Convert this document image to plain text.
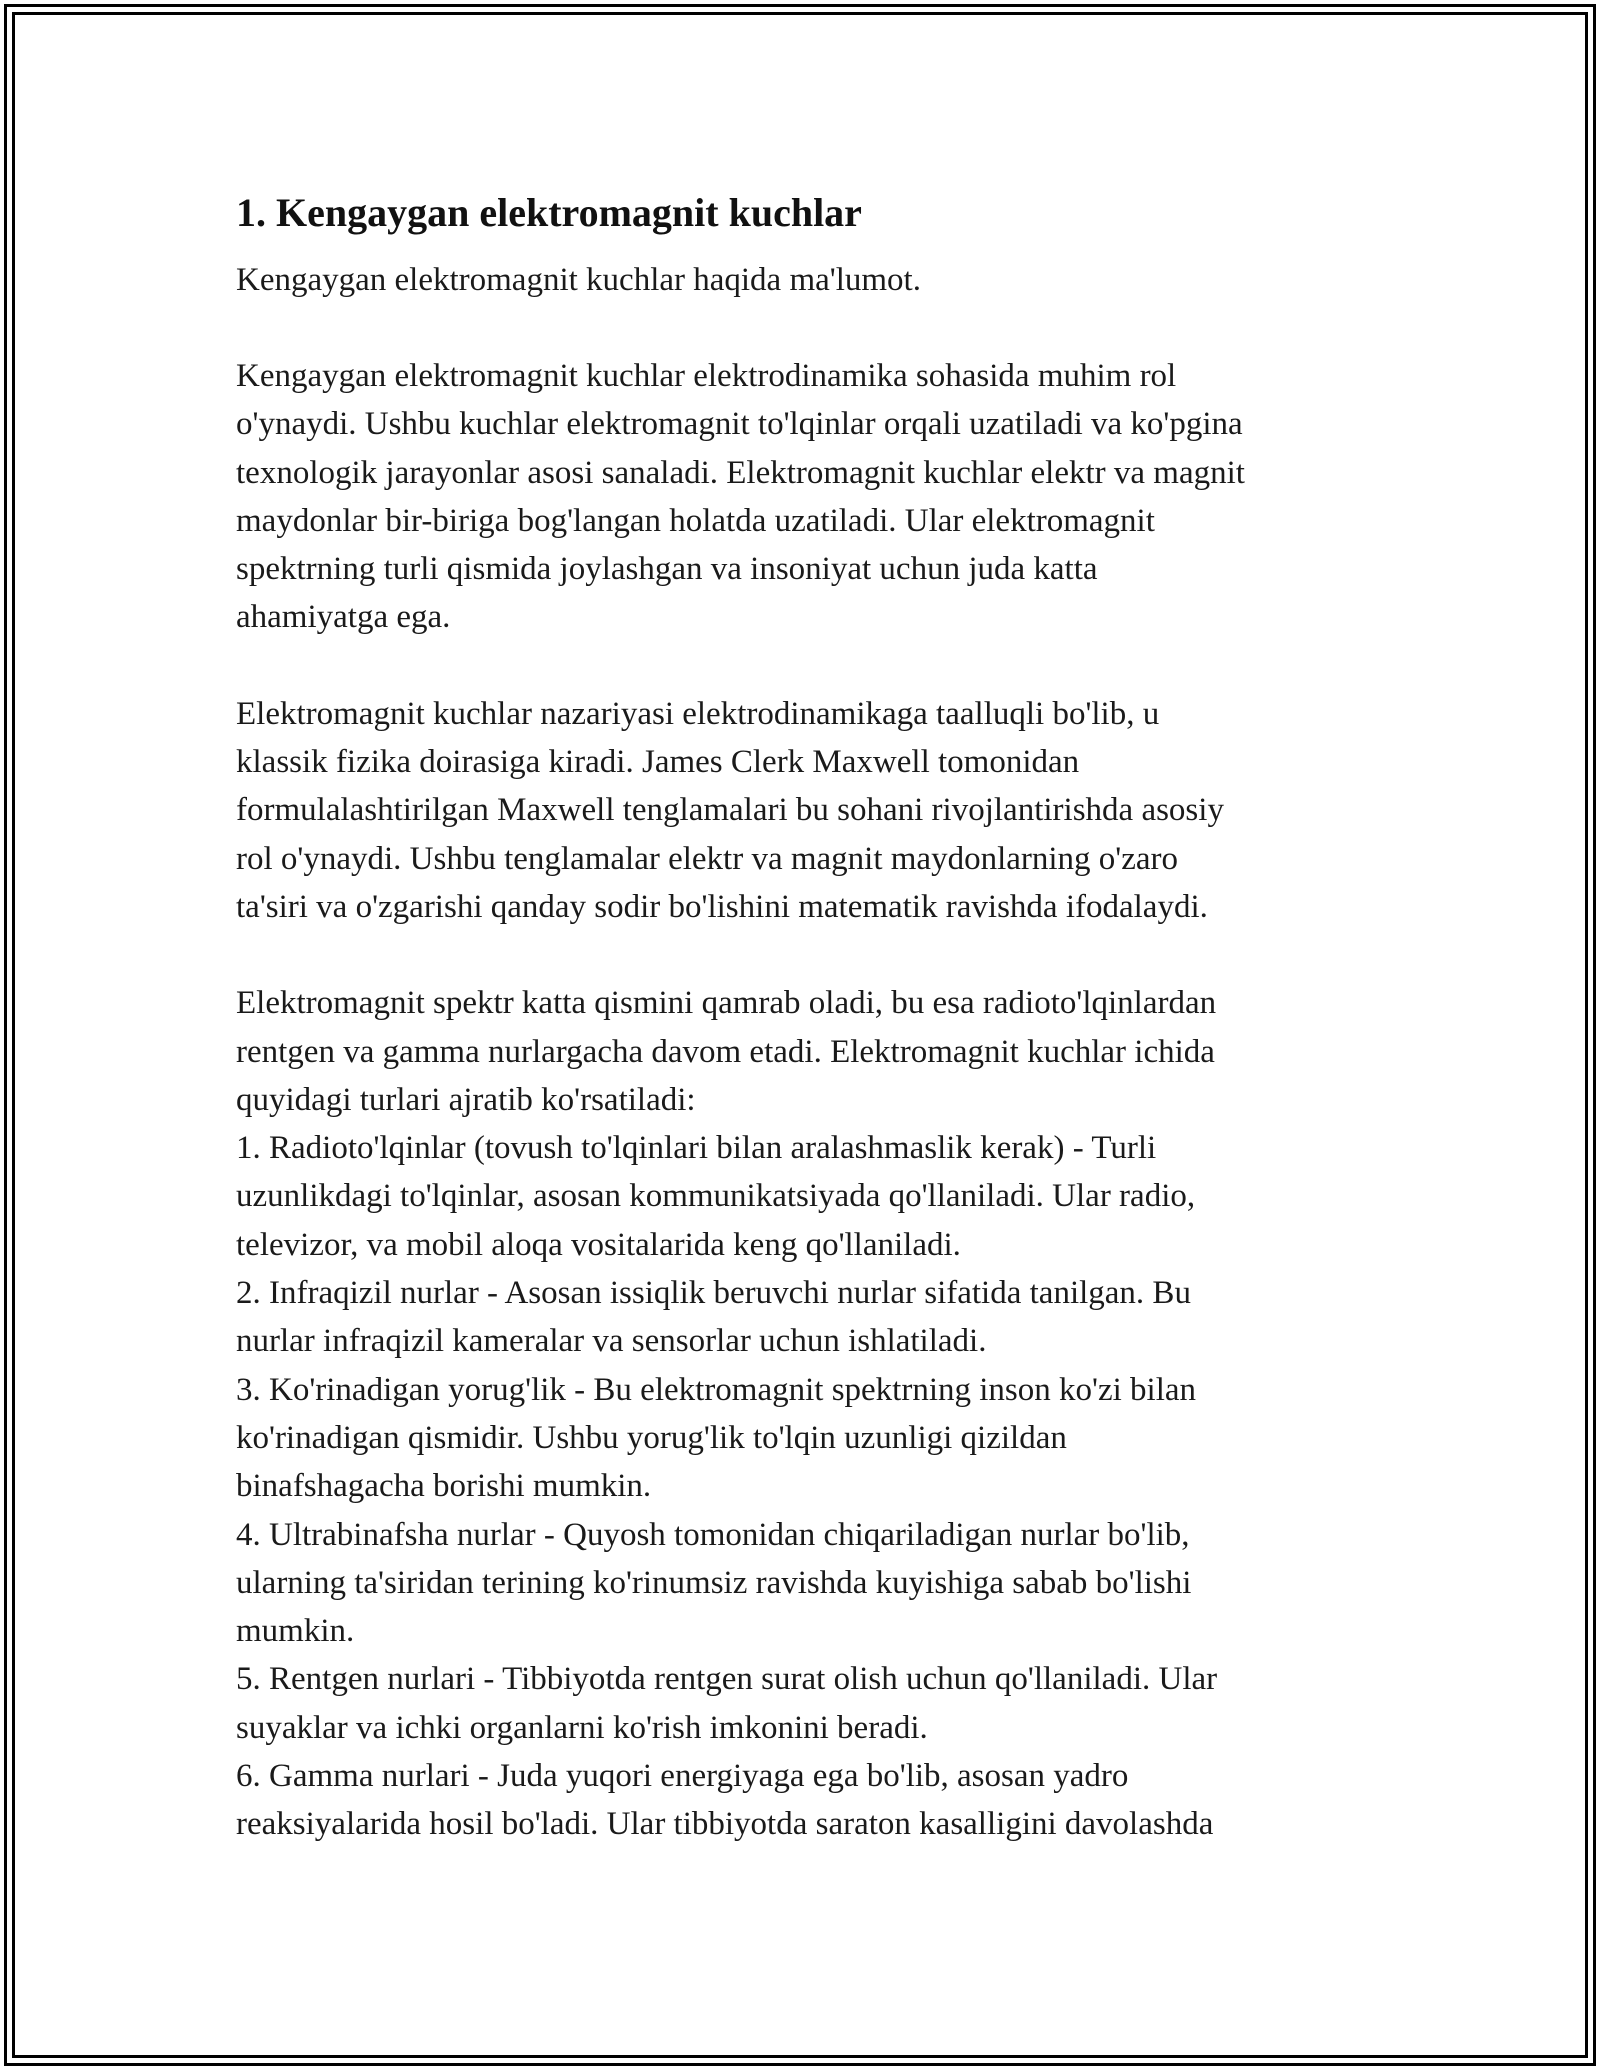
1. Kengaygan elektromagnit kuchlar

Kengaygan elektromagnit kuchlar haqida ma'lumot.

Kengaygan elektromagnit kuchlar elektrodinamika sohasida muhim rol
o'ynaydi. Ushbu kuchlar elektromagnit to'lqinlar orqali uzatiladi va ko'pgina
texnologik jarayonlar asosi sanaladi. Elektromagnit kuchlar elektr va magnit
maydonlar bir-biriga bog'langan holatda uzatiladi. Ular elektromagnit
spektrning turli qismida joylashgan va insoniyat uchun juda katta
ahamiyatga ega.

Elektromagnit kuchlar nazariyasi elektrodinamikaga taalluqli bo'lib, u
klassik fizika doirasiga kiradi. James Clerk Maxwell tomonidan
formulalashtirilgan Maxwell tenglamalari bu sohani rivojlantirishda asosiy
rol o'ynaydi. Ushbu tenglamalar elektr va magnit maydonlarning o'zaro
ta'siri va o'zgarishi qanday sodir bo'lishini matematik ravishda ifodalaydi.

Elektromagnit spektr katta qismini qamrab oladi, bu esa radioto'lqinlardan
rentgen va gamma nurlargacha davom etadi. Elektromagnit kuchlar ichida
quyidagi turlari ajratib ko'rsatiladi:
1. Radioto'lqinlar (tovush to'lqinlari bilan aralashmaslik kerak) - Turli
uzunlikdagi to'lqinlar, asosan kommunikatsiyada qo'llaniladi. Ular radio,
televizor, va mobil aloqa vositalarida keng qo'llaniladi.
2. Infraqizil nurlar - Asosan issiqlik beruvchi nurlar sifatida tanilgan. Bu
nurlar infraqizil kameralar va sensorlar uchun ishlatiladi.
3. Ko'rinadigan yorug'lik - Bu elektromagnit spektrning inson ko'zi bilan
ko'rinadigan qismidir. Ushbu yorug'lik to'lqin uzunligi qizildan
binafshagacha borishi mumkin.
4. Ultrabinafsha nurlar - Quyosh tomonidan chiqariladigan nurlar bo'lib,
ularning ta'siridan terining ko'rinumsiz ravishda kuyishiga sabab bo'lishi
mumkin.
5. Rentgen nurlari - Tibbiyotda rentgen surat olish uchun qo'llaniladi. Ular
suyaklar va ichki organlarni ko'rish imkonini beradi.
6. Gamma nurlari - Juda yuqori energiyaga ega bo'lib, asosan yadro
reaksiyalarida hosil bo'ladi. Ular tibbiyotda saraton kasalligini davolashda
